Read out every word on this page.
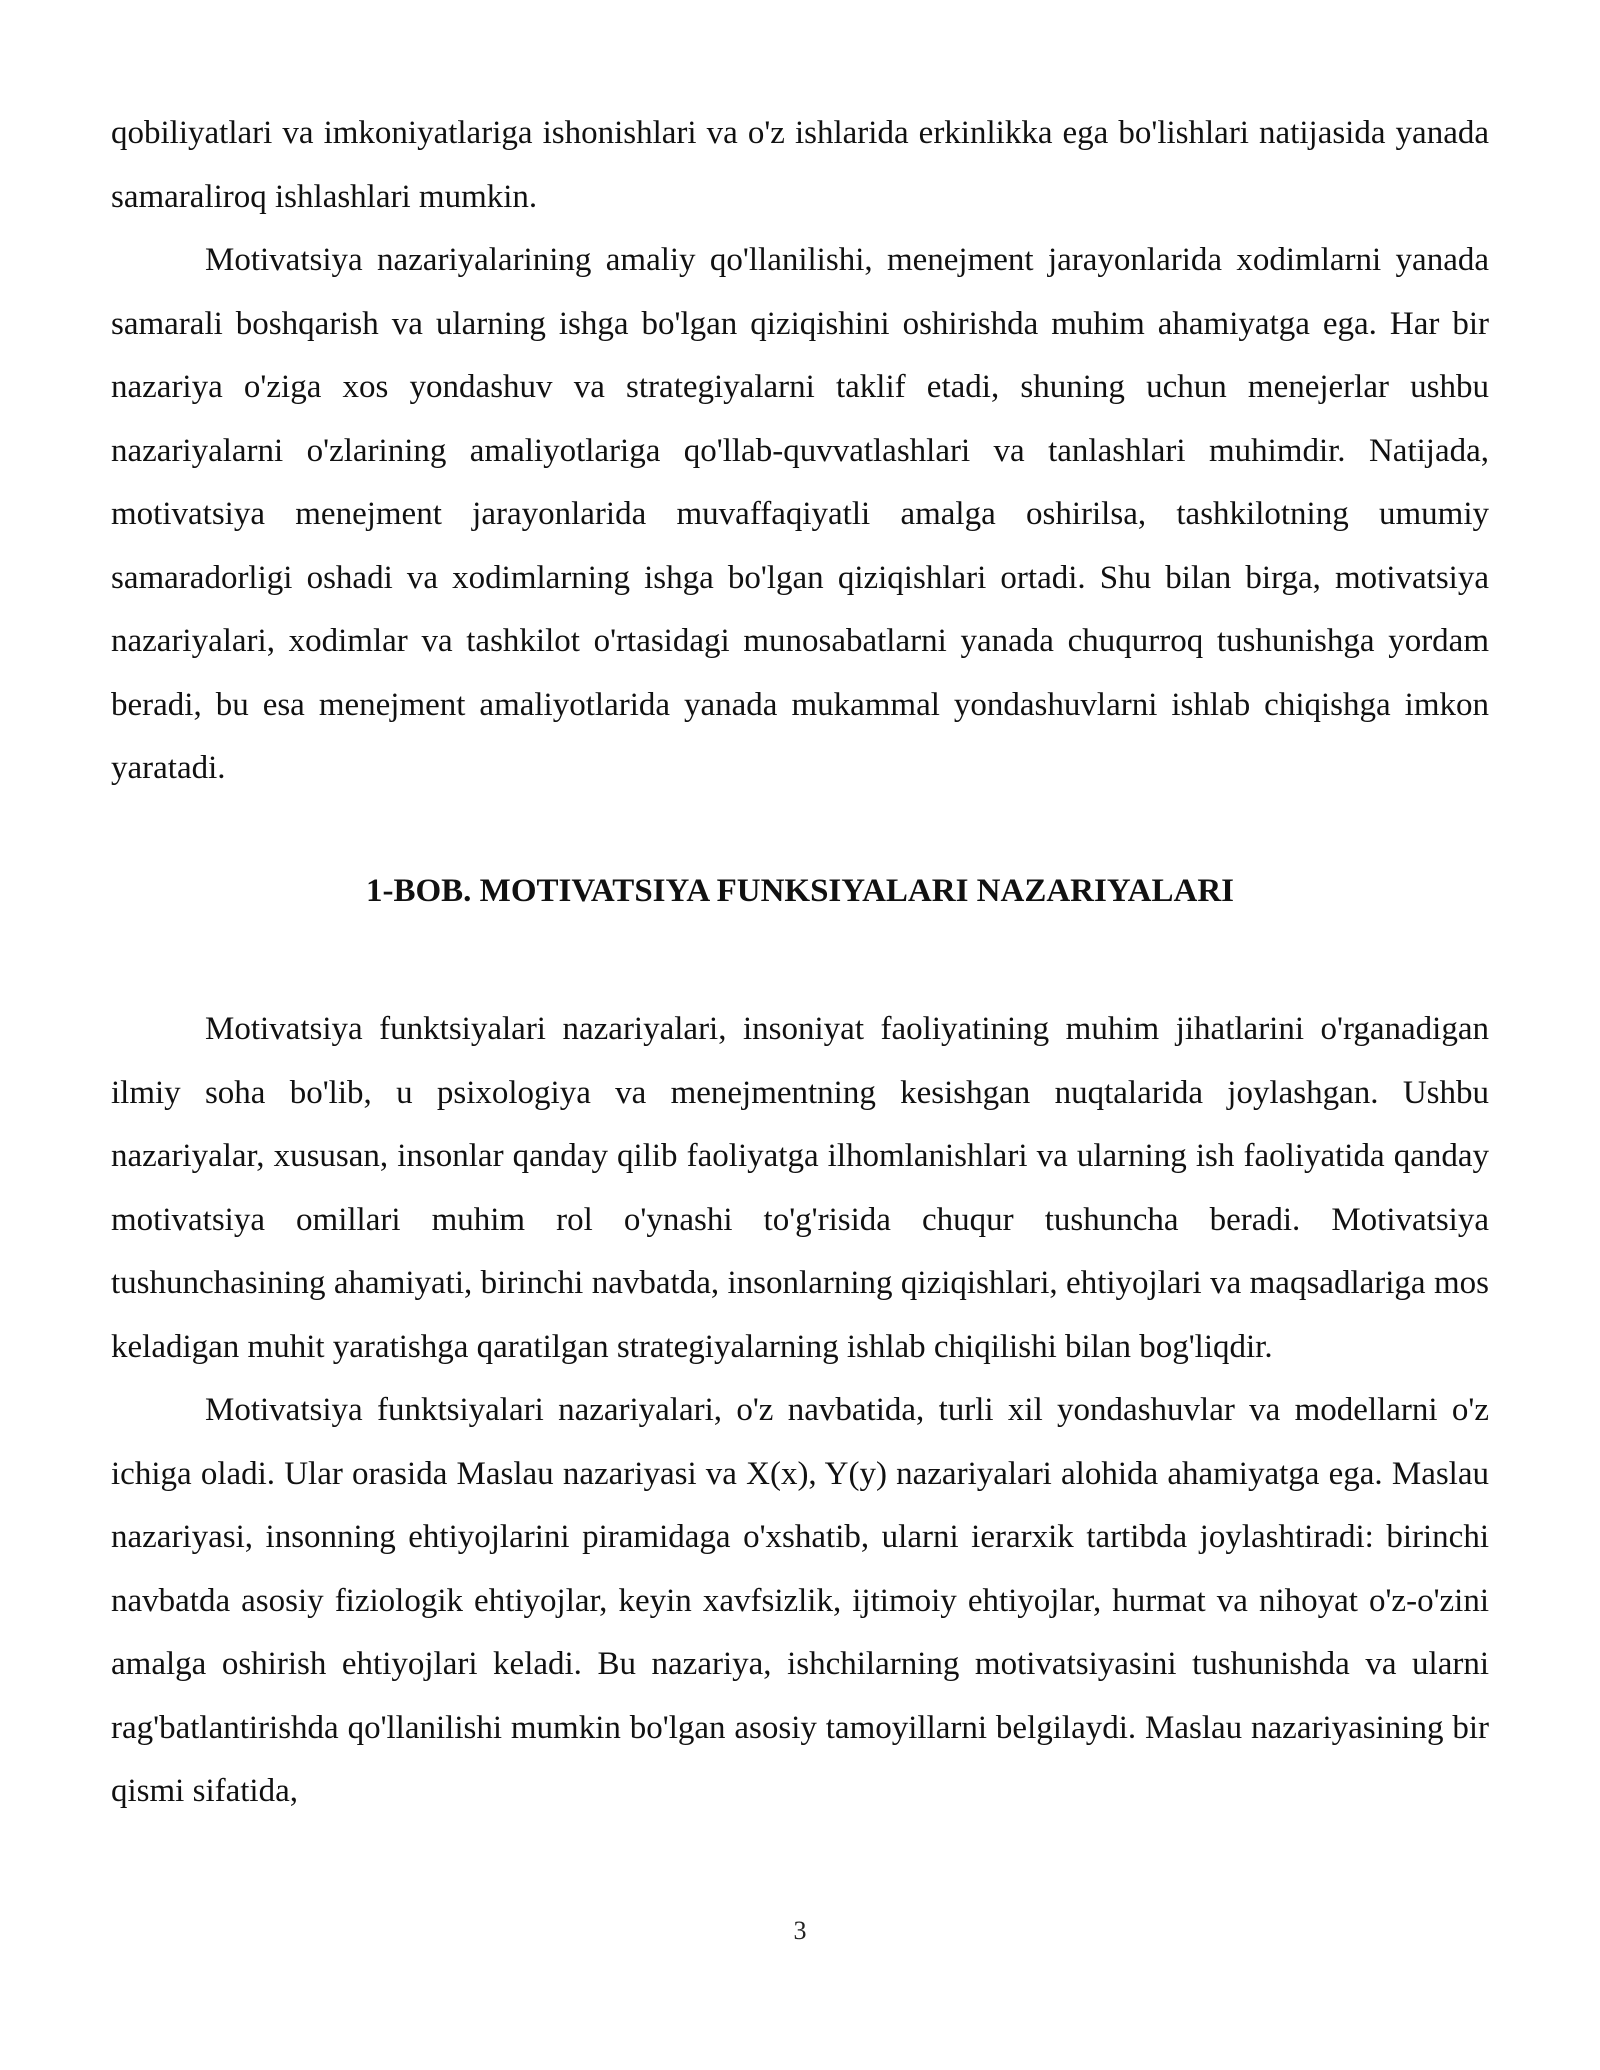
qobiliyatlari va imkoniyatlariga ishonishlari va o'z ishlarida erkinlikka ega bo'lishlari natijasida yanada samaraliroq ishlashlari mumkin.

Motivatsiya nazariyalarining amaliy qo'llanilishi, menejment jarayonlarida xodimlarni yanada samarali boshqarish va ularning ishga bo'lgan qiziqishini oshirishda muhim ahamiyatga ega. Har bir nazariya o'ziga xos yondashuv va strategiyalarni taklif etadi, shuning uchun menejerlar ushbu nazariyalarni o'zlarining amaliyotlariga qo'llab-quvvatlashlari va tanlashlari muhimdir. Natijada, motivatsiya menejment jarayonlarida muvaffaqiyatli amalga oshirilsa, tashkilotning umumiy samaradorligi oshadi va xodimlarning ishga bo'lgan qiziqishlari ortadi. Shu bilan birga, motivatsiya nazariyalari, xodimlar va tashkilot o'rtasidagi munosabatlarni yanada chuqurroq tushunishga yordam beradi, bu esa menejment amaliyotlarida yanada mukammal yondashuvlarni ishlab chiqishga imkon yaratadi.

1-BOB. MOTIVATSIYA FUNKSIYALARI NAZARIYALARI

Motivatsiya funktsiyalari nazariyalari, insoniyat faoliyatining muhim jihatlarini o'rganadigan ilmiy soha bo'lib, u psixologiya va menejmentning kesishgan nuqtalarida joylashgan. Ushbu nazariyalar, xususan, insonlar qanday qilib faoliyatga ilhomlanishlari va ularning ish faoliyatida qanday motivatsiya omillari muhim rol o'ynashi to'g'risida chuqur tushuncha beradi. Motivatsiya tushunchasining ahamiyati, birinchi navbatda, insonlarning qiziqishlari, ehtiyojlari va maqsadlariga mos keladigan muhit yaratishga qaratilgan strategiyalarning ishlab chiqilishi bilan bog'liqdir.

Motivatsiya funktsiyalari nazariyalari, o'z navbatida, turli xil yondashuvlar va modellarni o'z ichiga oladi. Ular orasida Maslau nazariyasi va X(x), Y(y) nazariyalari alohida ahamiyatga ega. Maslau nazariyasi, insonning ehtiyojlarini piramidaga o'xshatib, ularni ierarxik tartibda joylashtiradi: birinchi navbatda asosiy fiziologik ehtiyojlar, keyin xavfsizlik, ijtimoiy ehtiyojlar, hurmat va nihoyat o'z-o'zini amalga oshirish ehtiyojlari keladi. Bu nazariya, ishchilarning motivatsiyasini tushunishda va ularni rag'batlantirishda qo'llanilishi mumkin bo'lgan asosiy tamoyillarni belgilaydi. Maslau nazariyasining bir qismi sifatida,

3
